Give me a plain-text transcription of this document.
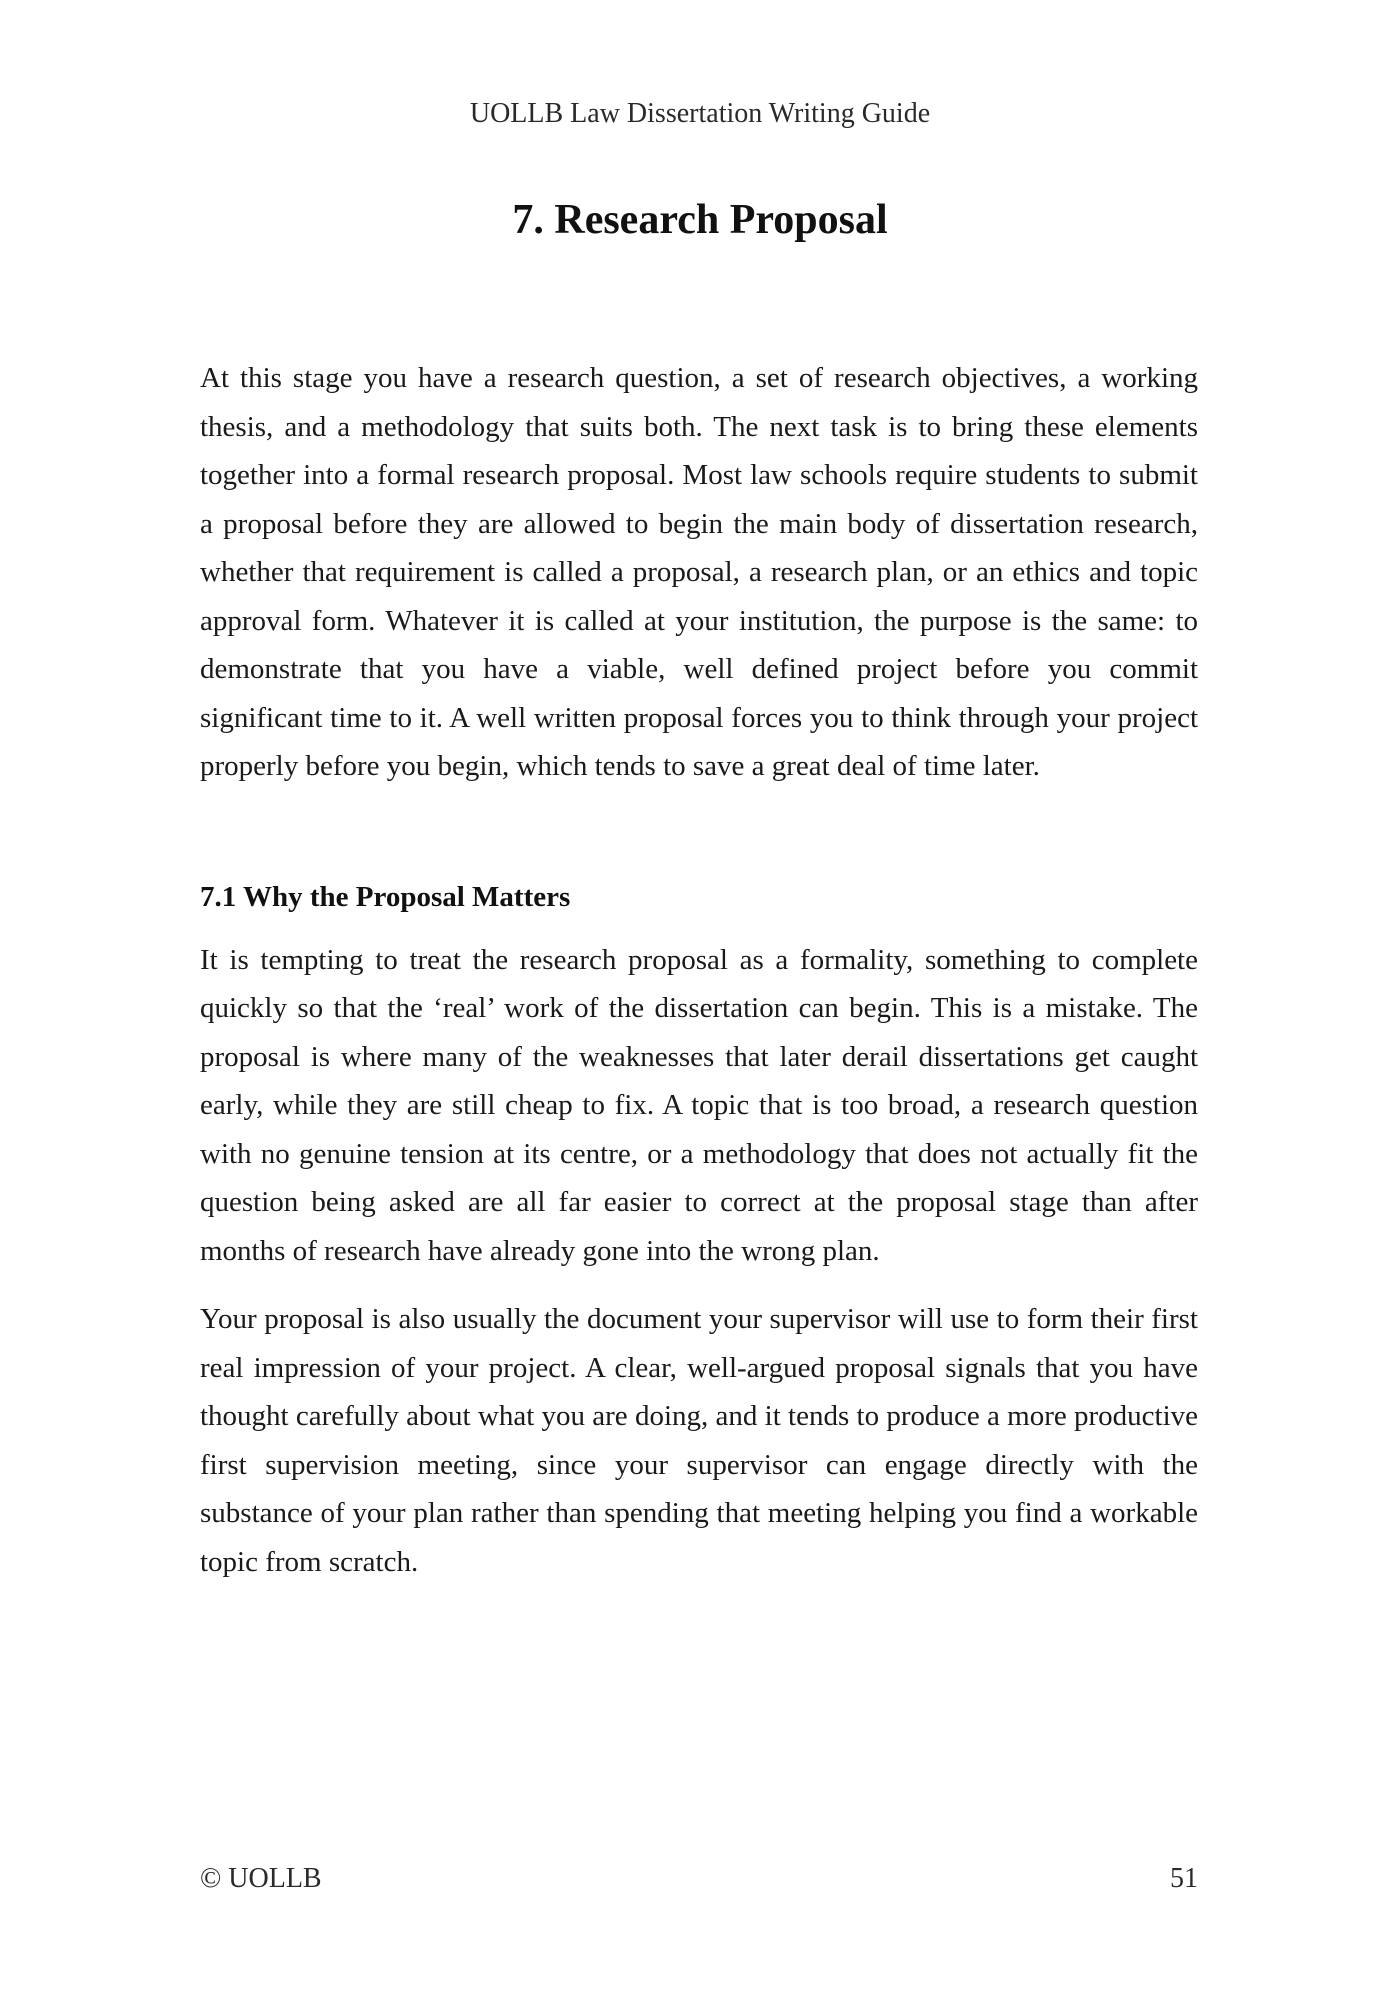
UOLLB Law Dissertation Writing Guide
7. Research Proposal

At this stage you have a research question, a set of research objectives, a working thesis, and a methodology that suits both. The next task is to bring these elements together into a formal research proposal. Most law schools require students to submit a proposal before they are allowed to begin the main body of dissertation research, whether that requirement is called a proposal, a research plan, or an ethics and topic approval form. Whatever it is called at your institution, the purpose is the same: to demonstrate that you have a viable, well defined project before you commit significant time to it. A well written proposal forces you to think through your project properly before you begin, which tends to save a great deal of time later.

7.1 Why the Proposal Matters

It is tempting to treat the research proposal as a formality, something to complete quickly so that the ‘real’ work of the dissertation can begin. This is a mistake. The proposal is where many of the weaknesses that later derail dissertations get caught early, while they are still cheap to fix. A topic that is too broad, a research question with no genuine tension at its centre, or a methodology that does not actually fit the question being asked are all far easier to correct at the proposal stage than after months of research have already gone into the wrong plan.

Your proposal is also usually the document your supervisor will use to form their first real impression of your project. A clear, well-argued proposal signals that you have thought carefully about what you are doing, and it tends to produce a more productive first supervision meeting, since your supervisor can engage directly with the substance of your plan rather than spending that meeting helping you find a workable topic from scratch.

© UOLLB	51
